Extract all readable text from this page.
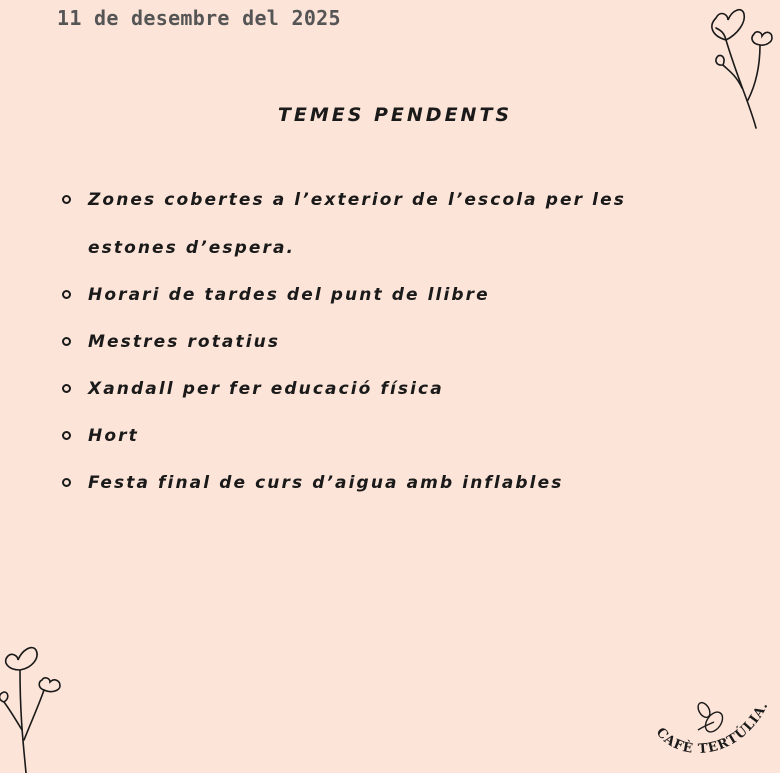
11 de desembre del 2025
TEMES PENDENTS
Zones cobertes a l’exterior de l’escola per les estones d’espera.
Horari de tardes del punt de llibre
Mestres rotatius
Xandall per fer educació física
Hort
Festa final de curs d’aigua amb inflables
CAFÈ TERTÚLIA.
